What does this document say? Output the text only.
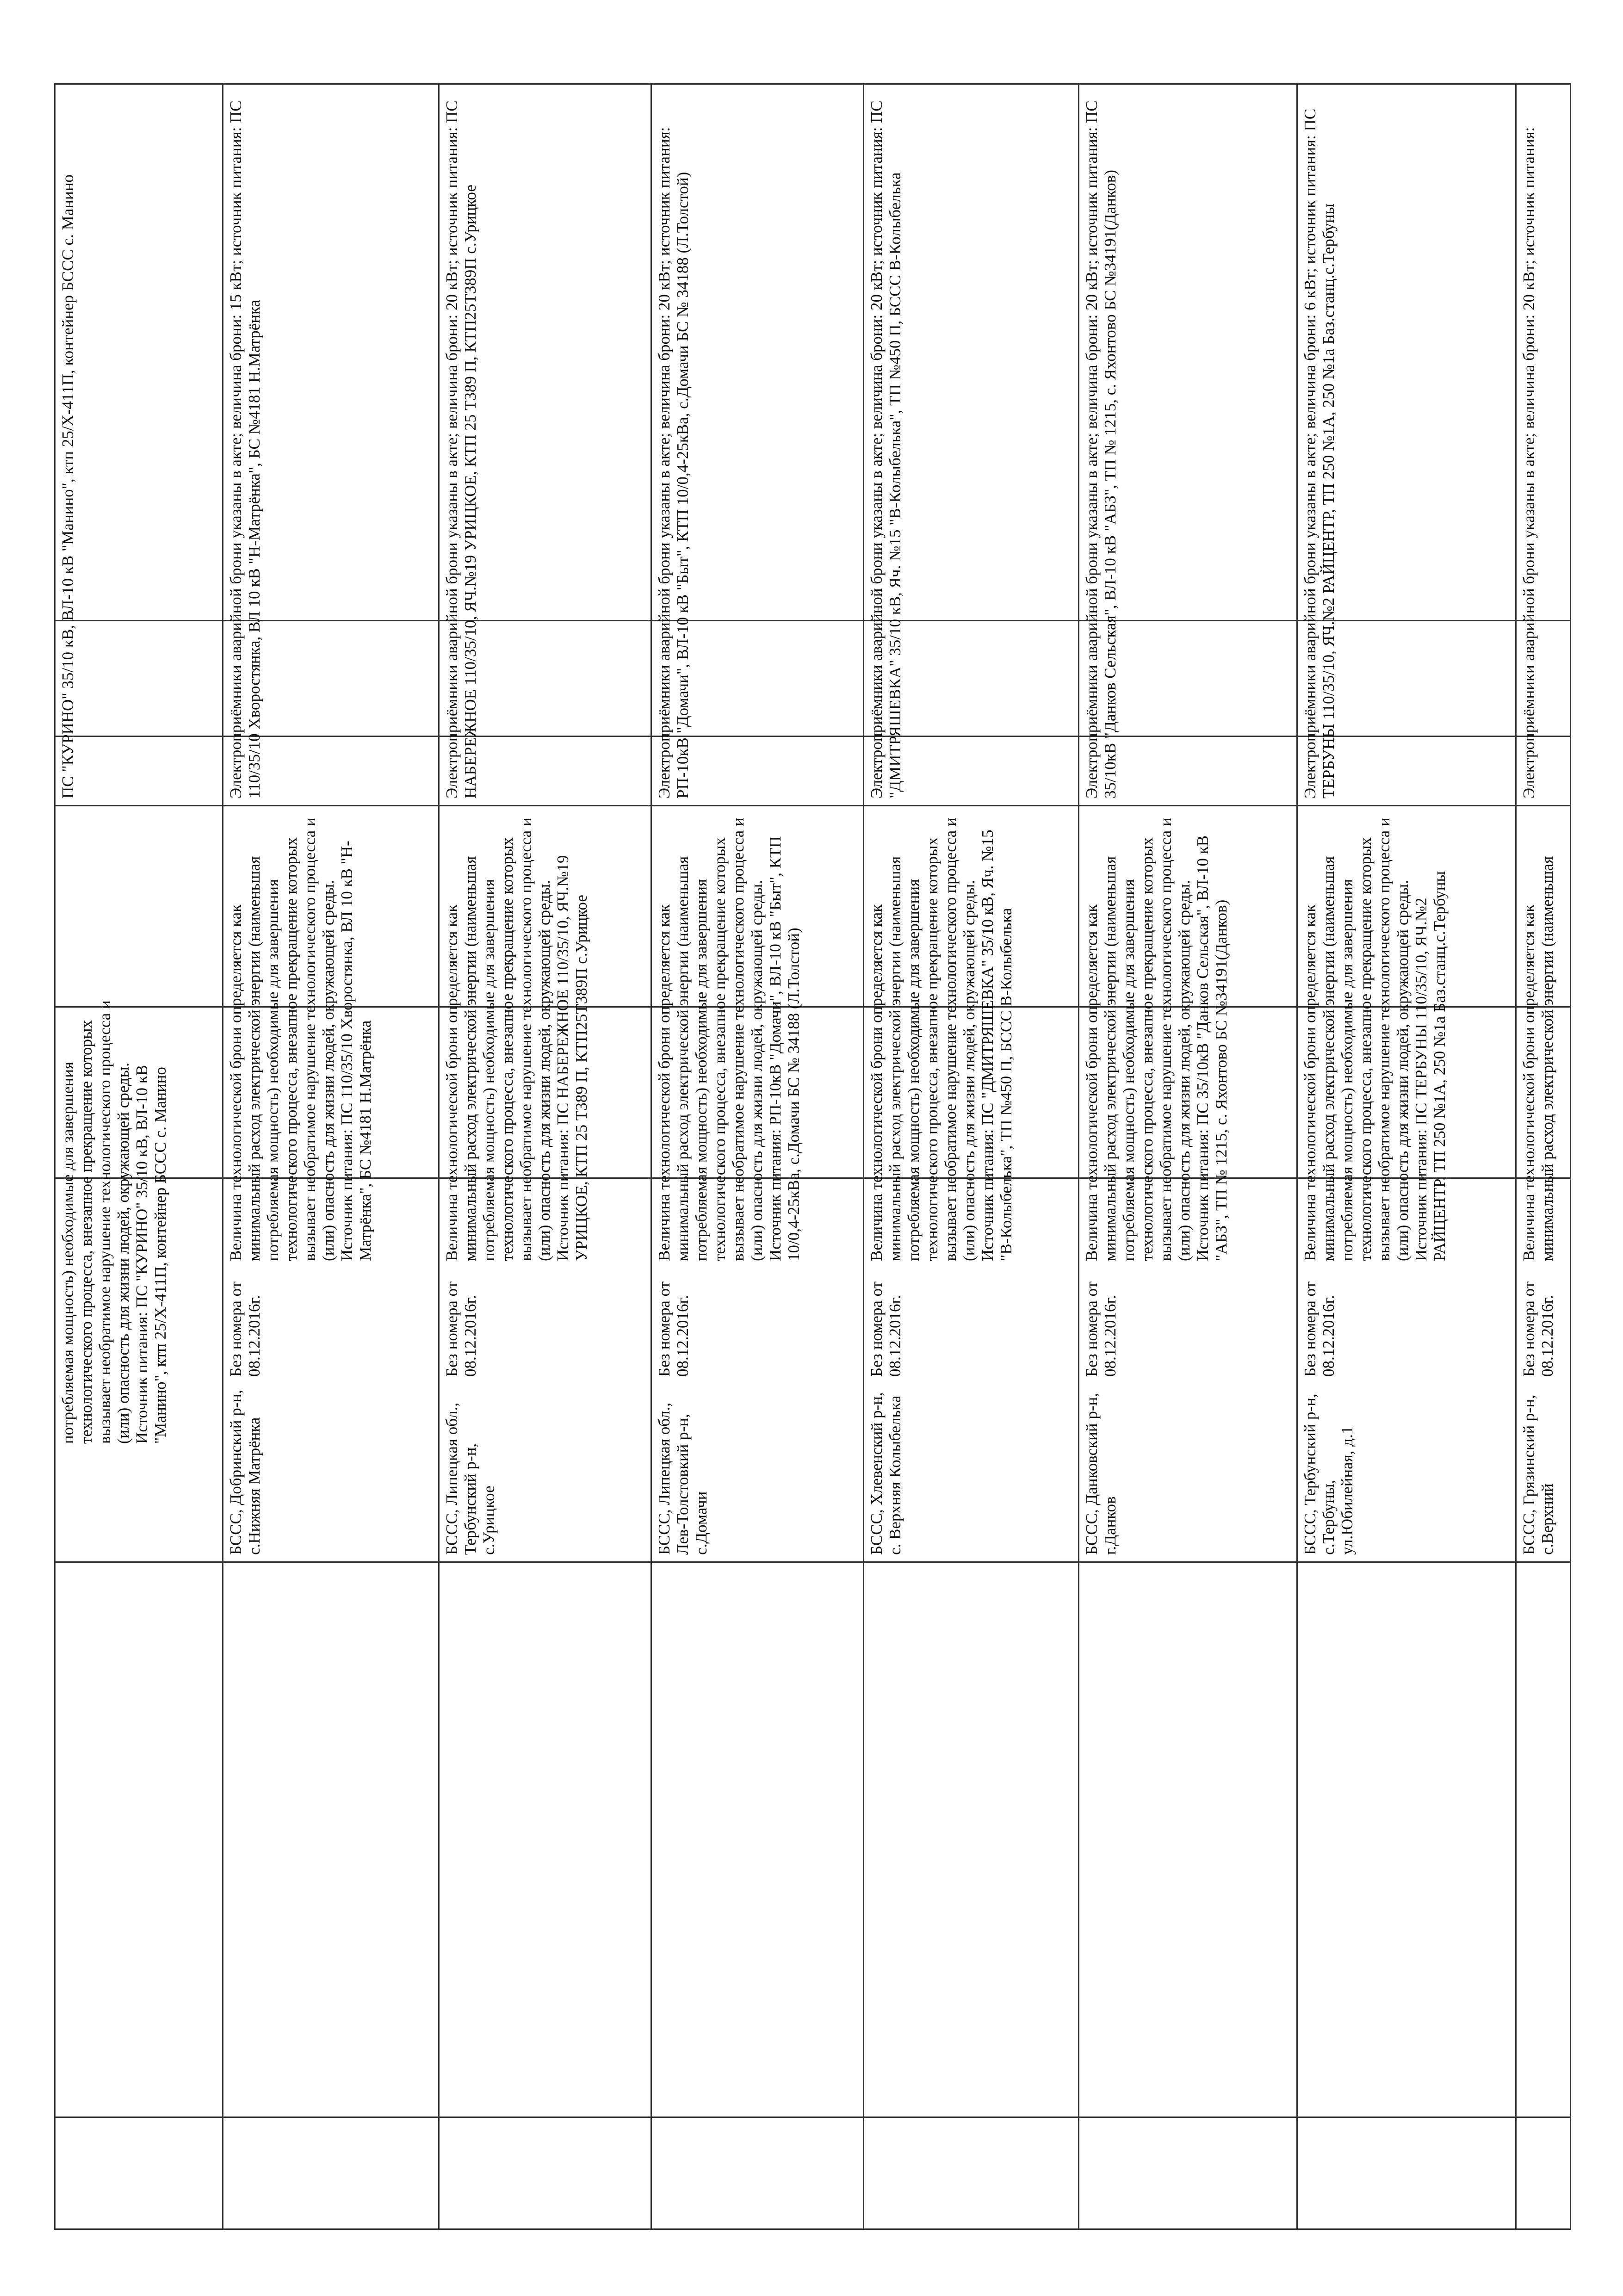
потребляемая мощность) необходимые для завершения технологического процесса, внезапное прекращение которых вызывает необратимое нарушение технологического процесса и (или) опасность для жизни людей, окружающей среды. Источник питания: ПС "КУРИНО" 35/10 кВ, ВЛ-10 кВ "Манино", ктп 25/Х-411П, контейнер БССС с. Манино
ПС "КУРИНО" 35/10 кВ, ВЛ-10 кВ "Манино", ктп 25/Х-411П, контейнер БССС с. Манино
БССС, Добринский р-н, с.Нижняя Матрёнка
Без номера от 08.12.2016г.
Величина технологической брони определяется как минимальный расход электрической энергии (наименьшая потребляемая мощность) необходимые для завершения технологического процесса, внезапное прекращение которых вызывает необратимое нарушение технологического процесса и (или) опасность для жизни людей, окружающей среды. Источник питания: ПС 110/35/10 Хворостянка, ВЛ 10 кВ "Н-Матрёнка", БС №4181 Н.Матрёнка
Электроприёмники аварийной брони указаны в акте; величина брони: 15 кВт; источник питания: ПС 110/35/10 Хворостянка, ВЛ 10 кВ "Н-Матрёнка", БС №4181 Н.Матрёнка
БССС, Липецкая обл., Тербунский р-н, с.Урицкое
Без номера от 08.12.2016г.
Величина технологической брони определяется как минимальный расход электрической энергии (наименьшая потребляемая мощность) необходимые для завершения технологического процесса, внезапное прекращение которых вызывает необратимое нарушение технологического процесса и (или) опасность для жизни людей, окружающей среды. Источник питания: ПС НАБЕРЕЖНОЕ 110/35/10, ЯЧ.№19 УРИЦКОЕ, КТП 25 Т389 П, КТП25Т389П с.Урицкое
Электроприёмники аварийной брони указаны в акте; величина брони: 20 кВт; источник питания: ПС НАБЕРЕЖНОЕ 110/35/10, ЯЧ.№19 УРИЦКОЕ, КТП 25 Т389 П, КТП25Т389П с.Урицкое
БССС, Липецкая обл., Лев-Толстовкий р-н, с.Домачи
Без номера от 08.12.2016г.
Величина технологической брони определяется как минимальный расход электрической энергии (наименьшая потребляемая мощность) необходимые для завершения технологического процесса, внезапное прекращение которых вызывает необратимое нарушение технологического процесса и (или) опасность для жизни людей, окружающей среды. Источник питания: РП-10кВ "Домачи", ВЛ-10 кВ "Быт", КТП 10/0,4-25кВа, с.Домачи БС № 34188 (Л.Толстой)
Электроприёмники аварийной брони указаны в акте; величина брони: 20 кВт; источник питания: РП-10кВ "Домачи", ВЛ-10 кВ "Быт", КТП 10/0,4-25кВа, с.Домачи БС № 34188 (Л.Толстой)
БССС, Хлевенский р-н, с. Верхняя Колыбелька
Без номера от 08.12.2016г.
Величина технологической брони определяется как минимальный расход электрической энергии (наименьшая потребляемая мощность) необходимые для завершения технологического процесса, внезапное прекращение которых вызывает необратимое нарушение технологического процесса и (или) опасность для жизни людей, окружающей среды. Источник питания: ПС "ДМИТРЯШЕВКА" 35/10 кВ, Яч. №15 "В-Колыбелька", ТП №450 П, БССС В-Колыбелька
Электроприёмники аварийной брони указаны в акте; величина брони: 20 кВт; источник питания: ПС "ДМИТРЯШЕВКА" 35/10 кВ, Яч. №15 "В-Колыбелька", ТП №450 П, БССС В-Колыбелька
БССС, Данковский р-н, г.Данков
Без номера от 08.12.2016г.
Величина технологической брони определяется как минимальный расход электрической энергии (наименьшая потребляемая мощность) необходимые для завершения технологического процесса, внезапное прекращение которых вызывает необратимое нарушение технологического процесса и (или) опасность для жизни людей, окружающей среды. Источник питания: ПС 35/10кВ "Данков Сельская", ВЛ-10 кВ "АБЗ", ТП № 1215, с. Яхонтово БС №34191(Данков)
Электроприёмники аварийной брони указаны в акте; величина брони: 20 кВт; источник питания: ПС 35/10кВ "Данков Сельская", ВЛ-10 кВ "АБЗ", ТП № 1215, с. Яхонтово БС №34191(Данков)
БССС, Тербунский р-н, с.Тербуны, ул.Юбилейная, д.1
Без номера от 08.12.2016г.
Величина технологической брони определяется как минимальный расход электрической энергии (наименьшая потребляемая мощность) необходимые для завершения технологического процесса, внезапное прекращение которых вызывает необратимое нарушение технологического процесса и (или) опасность для жизни людей, окружающей среды. Источник питания: ПС ТЕРБУНЫ 110/35/10, ЯЧ.№2 РАЙЦЕНТР, ТП 250 №1А, 250 №1а Баз.станц.с.Тербуны
Электроприёмники аварийной брони указаны в акте; величина брони: 6 кВт; источник питания: ПС ТЕРБУНЫ 110/35/10, ЯЧ.№2 РАЙЦЕНТР, ТП 250 №1А, 250 №1а Баз.станц.с.Тербуны
БССС, Грязинский р-н, с.Верхний
Без номера от 08.12.2016г.
Величина технологической брони определяется как минимальный расход электрической энергии (наименьшая
Электроприёмники аварийной брони указаны в акте; величина брони: 20 кВт; источник питания:
